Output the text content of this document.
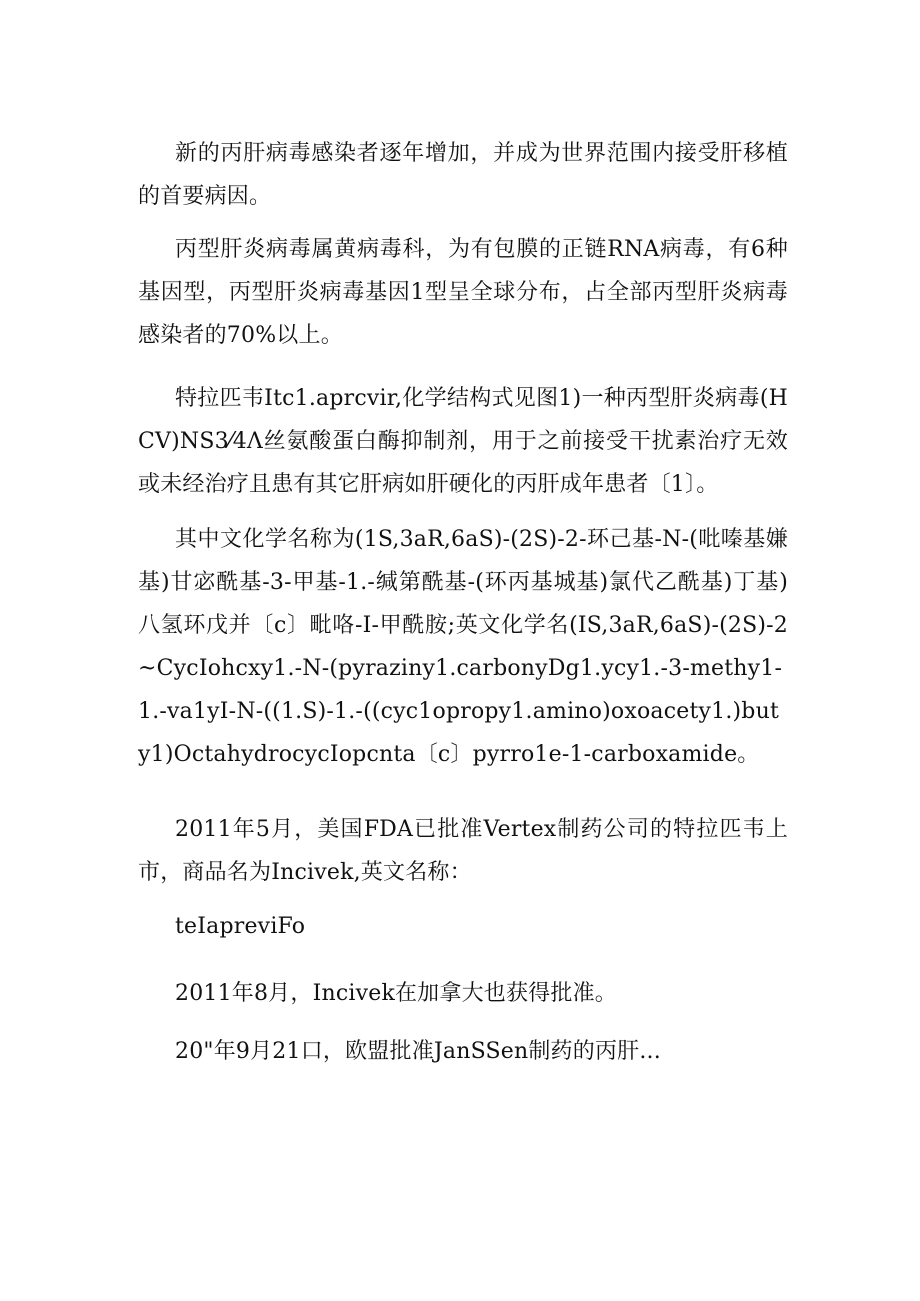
新的丙肝病毒感染者逐年增加，并成为世界范围内接受肝移植的首要病因。

丙型肝炎病毒属黄病毒科，为有包膜的正链RNA病毒，有6种基因型，丙型肝炎病毒基因1型呈全球分布，占全部丙型肝炎病毒感染者的70%以上。

特拉匹韦Itc1.aprcvir,化学结构式见图1)一种丙型肝炎病毒(HCV)NS3⁄4Λ丝氨酸蛋白酶抑制剂，用于之前接受干扰素治疗无效或未经治疗且患有其它肝病如肝硬化的丙肝成年患者〔1〕。

其中文化学名称为(1S,3aR,6aS)-(2S)-2-环己基-N-(吡嗪基嫌基)甘宓酰基-3-甲基-1.-缄第酰基-(环丙基城基)氯代乙酰基)丁基)八氢环戊并〔c〕毗咯-I-甲酰胺;英文化学名(IS,3aR,6aS)-(2S)-2~CycIohcxy1.-N-(pyraziny1.carbonyDg1.ycy1.-3-methy1-1.-va1yI-N-((1.S)-1.-((cyc1opropy1.amino)oxoacety1.)buty1)OctahydrocycIopcnta〔c〕pyrro1e-1-carboxamide。

2011年5月，美国FDA已批准Vertex制药公司的特拉匹韦上市，商品名为Incivek,英文名称：

teIapreviFo

2011年8月，Incivek在加拿大也获得批准。

20"年9月21口，欧盟批准JanSSen制药的丙肝...
